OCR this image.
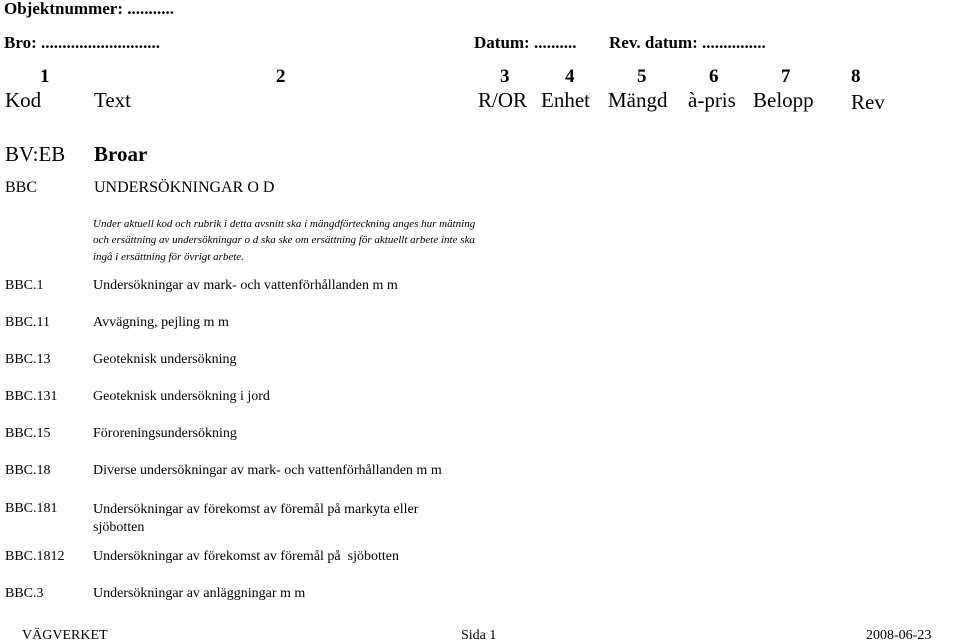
Objektnummer: ...........
Bro: ............................	Datum: .......... Rev. datum: ...............
1	2	3	4	5	6	7	8
Kod	Text	R/OR Enhet Mängd à-pris Belopp Rev
BV:EB Broar
BBC	UNDERSÖKNINGAR O D
Under aktuell kod och rubrik i detta avsnitt ska i mängdförteckning anges hur mätning och ersättning av undersökningar o d ska ske om ersättning för aktuellt arbete inte ska ingå i ersättning för övrigt arbete.
BBC.1	Undersökningar av mark- och vattenförhållanden m m
BBC.11	Avvägning, pejling m m
BBC.13	Geoteknisk undersökning
BBC.131	Geoteknisk undersökning i jord
BBC.15	Föroreningsundersökning
BBC.18	Diverse undersökningar av mark- och vattenförhållanden m m
BBC.181	Undersökningar av förekomst av föremål på markyta eller sjöbotten
BBC.1812 Undersökningar av förekomst av föremål på  sjöbotten
BBC.3	Undersökningar av anläggningar m m
VÄGVERKET	Sida 1	2008-06-23
